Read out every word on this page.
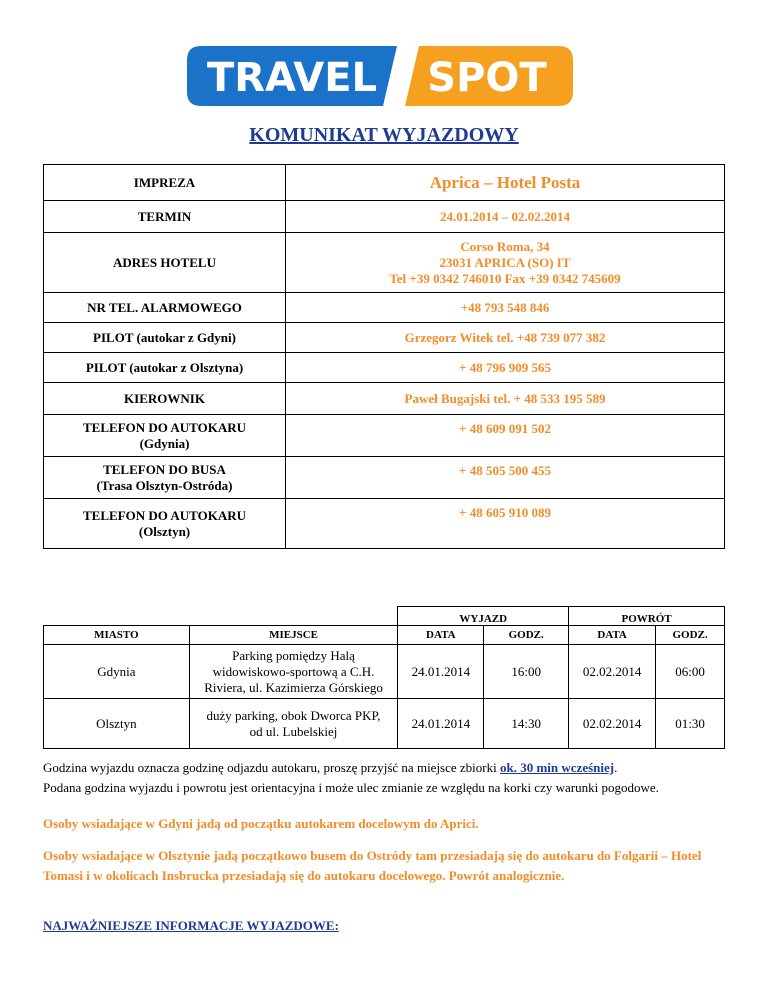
TRAVEL SPOT
KOMUNIKAT WYJAZDOWY
IMPREZA	Aprica – Hotel Posta

TERMIN	24.01.2014 – 02.02.2014

ADRES HOTELU	Corso Roma, 34
23031 APRICA (SO) IT
Tel +39 0342 746010 Fax +39 0342 745609

NR TEL. ALARMOWEGO	+48 793 548 846

PILOT (autokar z Gdyni)	Grzegorz Witek tel. +48 739 077 382

PILOT (autokar z Olsztyna)	+ 48 796 909 565

KIEROWNIK	Paweł Bugajski tel. + 48 533 195 589

TELEFON DO AUTOKARU
(Gdynia)	+ 48 609 091 502

TELEFON DO BUSA
(Trasa Olsztyn-Ostróda)	+ 48 505 500 455

TELEFON DO AUTOKARU
(Olsztyn)	+ 48 605 910 089
		WYJAZD		POWRÓT	
MIASTO	MIEJSCE	DATA	GODZ.	DATA	GODZ.
Gdynia	Parking pomiędzy Halą
widowiskowo-sportową a C.H.
Riviera, ul. Kazimierza Górskiego	24.01.2014	16:00	02.02.2014	06:00
Olsztyn	duży parking, obok Dworca PKP,
od ul. Lubelskiej	24.01.2014	14:30	02.02.2014	01:30
Godzina wyjazdu oznacza godzinę odjazdu autokaru, proszę przyjść na miejsce zbiorki ok. 30 min wcześniej.
Podana godzina wyjazdu i powrotu jest orientacyjna i może ulec zmianie ze względu na korki czy warunki pogodowe.
Osoby wsiadające w Gdyni jadą od początku autokarem docelowym do Aprici.
Osoby wsiadające w Olsztynie jadą początkowo busem do Ostródy tam przesiadają się do autokaru do Folgarii – Hotel Tomasi i w okolicach Insbrucka przesiadają się do autokaru docelowego. Powrót analogicznie.
NAJWAŻNIEJSZE INFORMACJE WYJAZDOWE:
